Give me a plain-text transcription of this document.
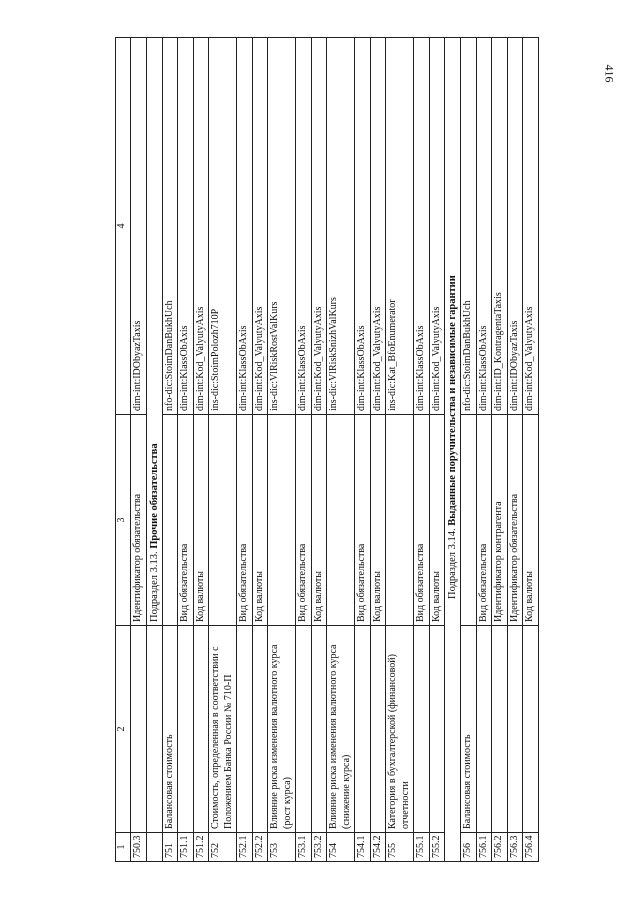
416
1	2	3	4
750.3		Идентификатор обязательства	dim-int:IDObyazTaxis
		Подраздел 3.13. Прочие обязательства	
751	Балансовая стоимость		nfo-dic:StoimDanBukhUch
751.1		Вид обязательства	dim-int:KlassObAxis
751.2		Код валюты	dim-int:Kod_ValyutyAxis
752	Стоимость, определенная в соответствии с Положением Банка России № 710-П		ins-dic:StoimPolozh710P
752.1		Вид обязательства	dim-int:KlassObAxis
752.2		Код валюты	dim-int:Kod_ValyutyAxis
753	Влияние риска изменения валютного курса (рост курса)		ins-dic:VlRiskRostValKurs
753.1		Вид обязательства	dim-int:KlassObAxis
753.2		Код валюты	dim-int:Kod_ValyutyAxis
754	Влияние риска изменения валютного курса (снижение курса)		ins-dic:VlRiskSnizhValKurs
754.1		Вид обязательства	dim-int:KlassObAxis
754.2		Код валюты	dim-int:Kod_ValyutyAxis
755	Категория в бухгалтерской (финансовой) отчетности		ins-dic:Kat_BfoEnumerator
755.1		Вид обязательства	dim-int:KlassObAxis
755.2		Код валюты	dim-int:Kod_ValyutyAxis
Подраздел 3.14. Выданные поручительства и независимые гарантии			
756	Балансовая стоимость		nfo-dic:StoimDanBukhUch
756.1		Вид обязательства	dim-int:KlassObAxis
756.2		Идентификатор контрагента	dim-int:ID_KontragentaTaxis
756.3		Идентификатор обязательства	dim-int:IDObyazTaxis
756.4		Код валюты	dim-int:Kod_ValyutyAxis
